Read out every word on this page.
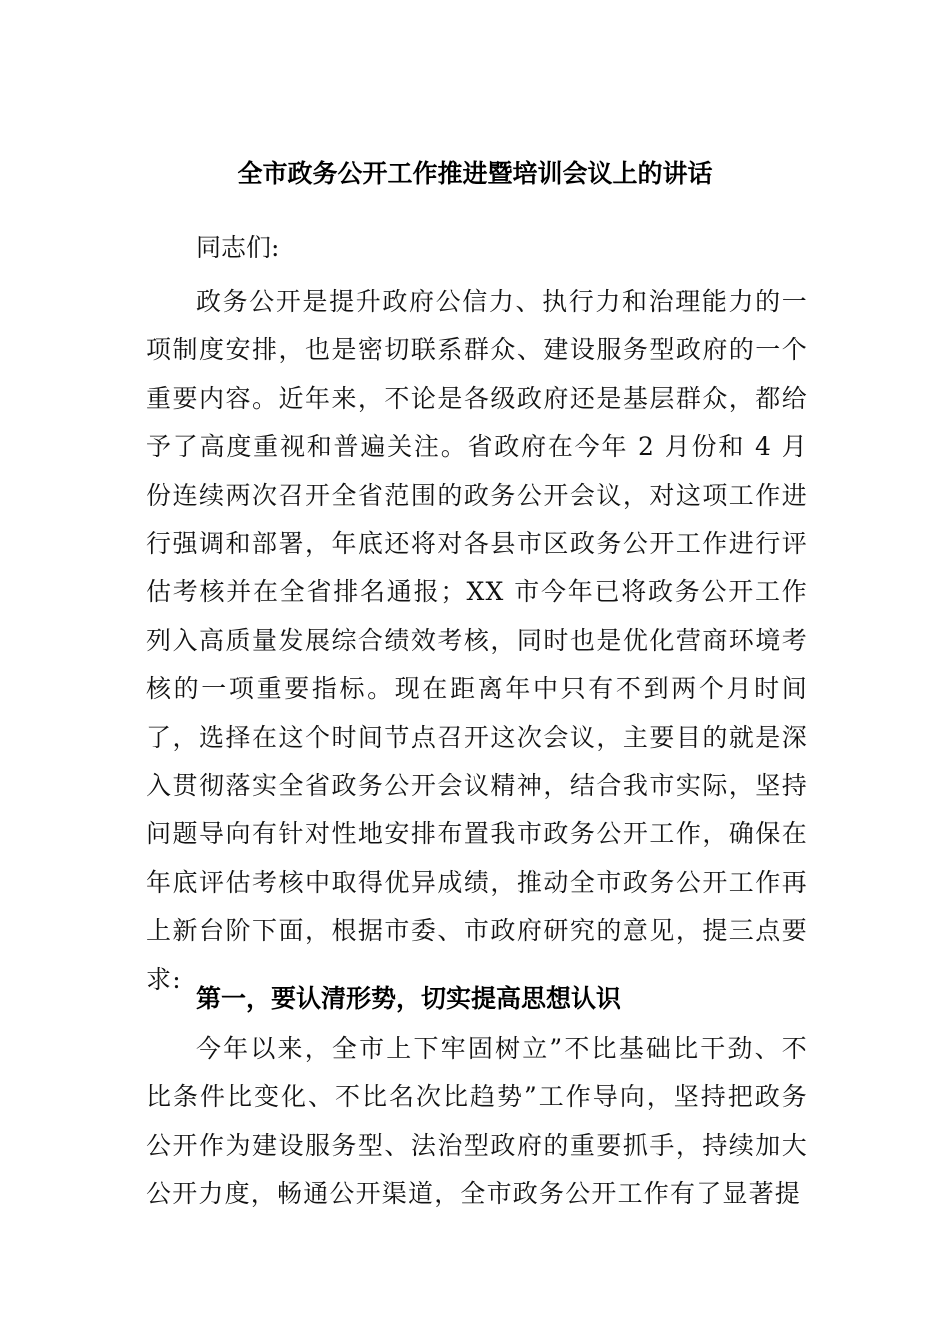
全市政务公开工作推进暨培训会议上的讲话
同志们:
政务公开是提升政府公信力、执行力和治理能力的一项制度安排，也是密切联系群众、建设服务型政府的一个重要内容。近年来，不论是各级政府还是基层群众，都给予了高度重视和普遍关注。省政府在今年 2 月份和 4 月份连续两次召开全省范围的政务公开会议，对这项工作进行强调和部署，年底还将对各县市区政务公开工作进行评估考核并在全省排名通报；XX 市今年已将政务公开工作列入高质量发展综合绩效考核，同时也是优化营商环境考核的一项重要指标。现在距离年中只有不到两个月时间了，选择在这个时间节点召开这次会议，主要目的就是深入贯彻落实全省政务公开会议精神，结合我市实际，坚持问题导向有针对性地安排布置我市政务公开工作，确保在年底评估考核中取得优异成绩，推动全市政务公开工作再上新台阶下面，根据市委、市政府研究的意见，提三点要求:
第一，要认清形势，切实提高思想认识
今年以来，全市上下牢固树立”不比基础比干劲、不比条件比变化、不比名次比趋势”工作导向，坚持把政务公开作为建设服务型、法治型政府的重要抓手，持续加大公开力度，畅通公开渠道，全市政务公开工作有了显著提
